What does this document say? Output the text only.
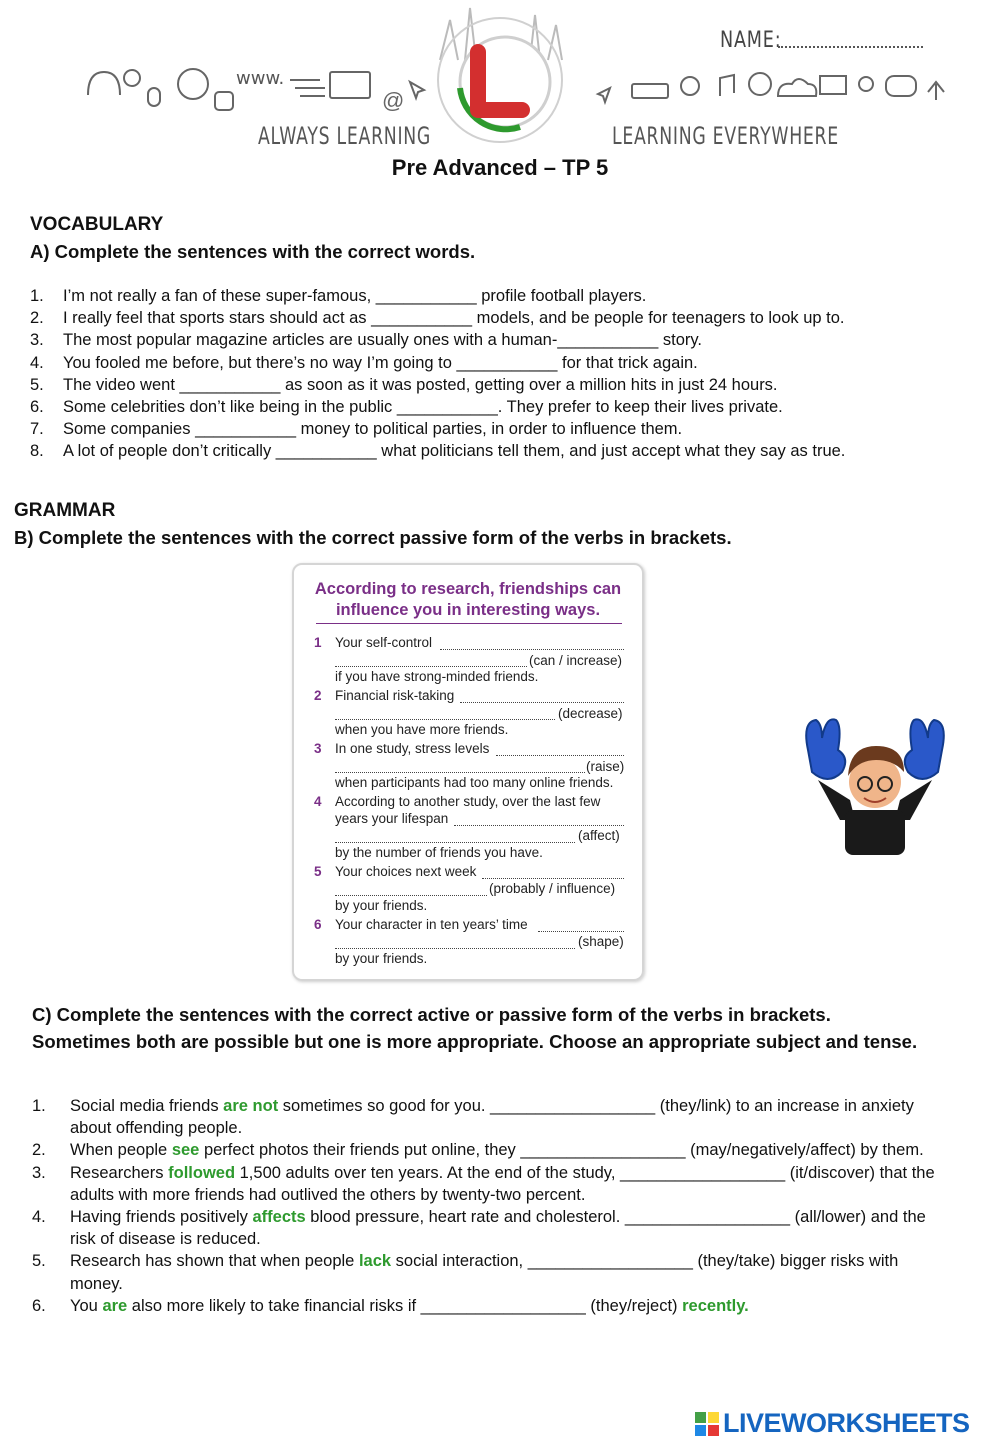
@
www.
NAME:
ALWAYS LEARNING	LEARNING EVERYWHERE
Pre Advanced – TP 5
VOCABULARY
A) Complete the sentences with the correct words.
1. I’m not really a fan of these super-famous, ___________ profile football players.
2. I really feel that sports stars should act as ___________ models, and be people for teenagers to look up to.
3. The most popular magazine articles are usually ones with a human-___________ story.
4. You fooled me before, but there’s no way I’m going to ___________ for that trick again.
5. The video went ___________ as soon as it was posted, getting over a million hits in just 24 hours.
6. Some celebrities don’t like being in the public ___________. They prefer to keep their lives private.
7. Some companies ___________ money to political parties, in order to influence them.
8. A lot of people don’t critically ___________ what politicians tell them, and just accept what they say as true.
GRAMMAR
B) Complete the sentences with the correct passive form of the verbs in brackets.
According to research, friendships can
influence you in interesting ways.
1 Your self-control
(can / increase)
if you have strong-minded friends.
2 Financial risk-taking
(decrease)
when you have more friends.
3 In one study, stress levels
(raise)
when participants had too many online friends.
4 According to another study, over the last few
years your lifespan
(affect)
by the number of friends you have.
5 Your choices next week
(probably / influence)
by your friends.
6 Your character in ten years’ time
(shape)
by your friends.
C) Complete the sentences with the correct active or passive form of the verbs in brackets. Sometimes both are possible but one is more appropriate. Choose an appropriate subject and tense.
1. Social media friends are not sometimes so good for you. __________________ (they/link) to an increase in anxiety about offending people.
2. When people see perfect photos their friends put online, they __________________ (may/negatively/affect) by them.
3. Researchers followed 1,500 adults over ten years. At the end of the study, __________________ (it/discover) that the adults with more friends had outlived the others by twenty-two percent.
4. Having friends positively affects blood pressure, heart rate and cholesterol. __________________ (all/lower) and the risk of disease is reduced.
5. Research has shown that when people lack social interaction, __________________ (they/take) bigger risks with money.
6. You are also more likely to take financial risks if __________________ (they/reject) recently.
LIVEWORKSHEETS
